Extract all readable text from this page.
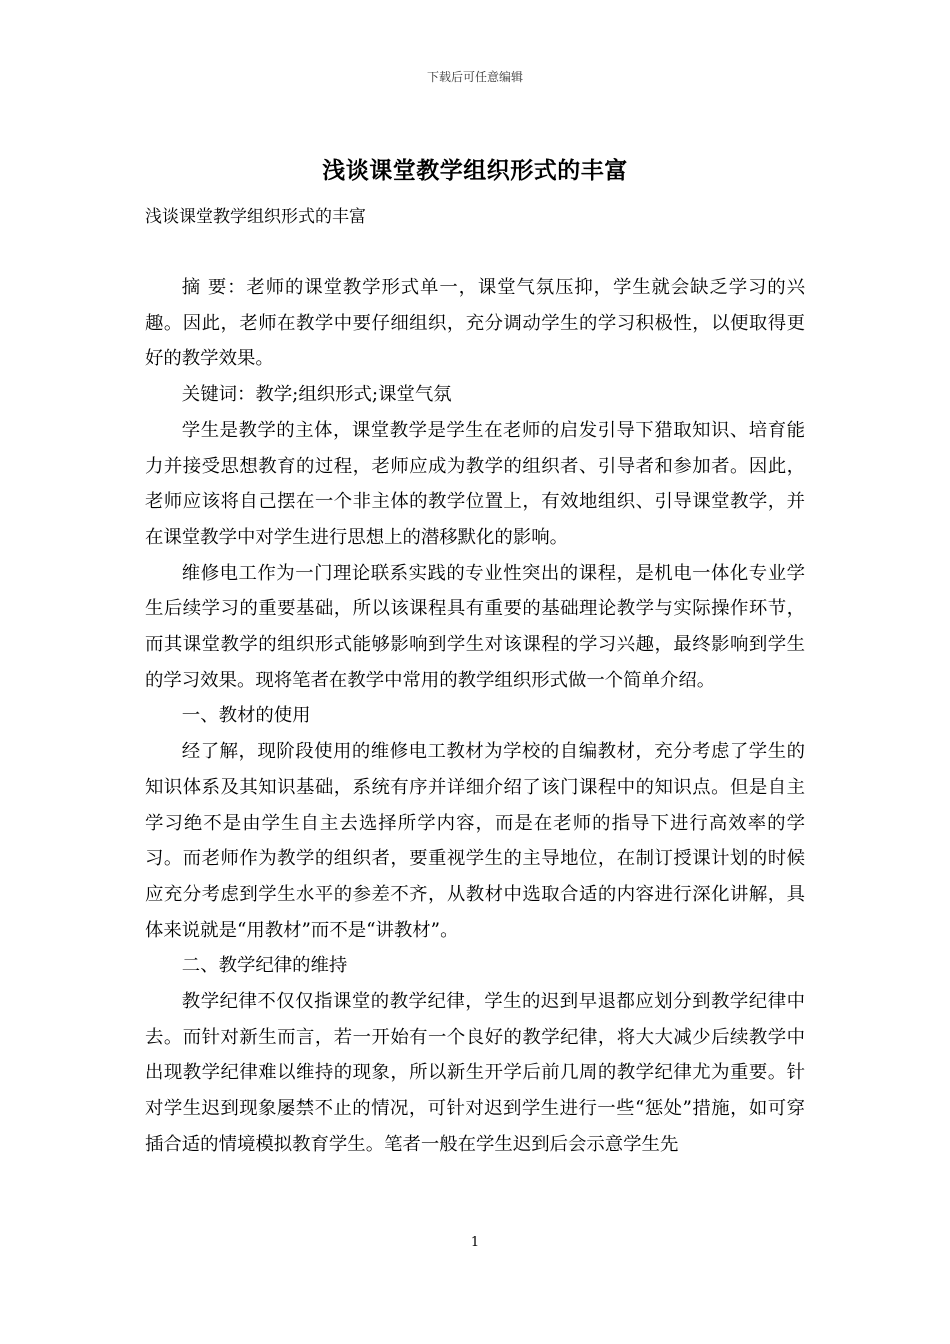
下载后可任意编辑
浅谈课堂教学组织形式的丰富
浅谈课堂教学组织形式的丰富

摘 要：老师的课堂教学形式单一，课堂气氛压抑，学生就会缺乏学习的兴趣。因此，老师在教学中要仔细组织，充分调动学生的学习积极性，以便取得更好的教学效果。

关键词：教学;组织形式;课堂气氛

学生是教学的主体，课堂教学是学生在老师的启发引导下猎取知识、培育能力并接受思想教育的过程，老师应成为教学的组织者、引导者和参加者。因此，老师应该将自己摆在一个非主体的教学位置上，有效地组织、引导课堂教学，并在课堂教学中对学生进行思想上的潜移默化的影响。

维修电工作为一门理论联系实践的专业性突出的课程，是机电一体化专业学生后续学习的重要基础，所以该课程具有重要的基础理论教学与实际操作环节，而其课堂教学的组织形式能够影响到学生对该课程的学习兴趣，最终影响到学生的学习效果。现将笔者在教学中常用的教学组织形式做一个简单介绍。

一、教材的使用

经了解，现阶段使用的维修电工教材为学校的自编教材，充分考虑了学生的知识体系及其知识基础，系统有序并详细介绍了该门课程中的知识点。但是自主学习绝不是由学生自主去选择所学内容，而是在老师的指导下进行高效率的学习。而老师作为教学的组织者，要重视学生的主导地位，在制订授课计划的时候应充分考虑到学生水平的参差不齐，从教材中选取合适的内容进行深化讲解，具体来说就是“用教材”而不是“讲教材”。

二、教学纪律的维持

教学纪律不仅仅指课堂的教学纪律，学生的迟到早退都应划分到教学纪律中去。而针对新生而言，若一开始有一个良好的教学纪律，将大大减少后续教学中出现教学纪律难以维持的现象，所以新生开学后前几周的教学纪律尤为重要。针对学生迟到现象屡禁不止的情况，可针对迟到学生进行一些“惩处”措施，如可穿插合适的情境模拟教育学生。笔者一般在学生迟到后会示意学生先

1
